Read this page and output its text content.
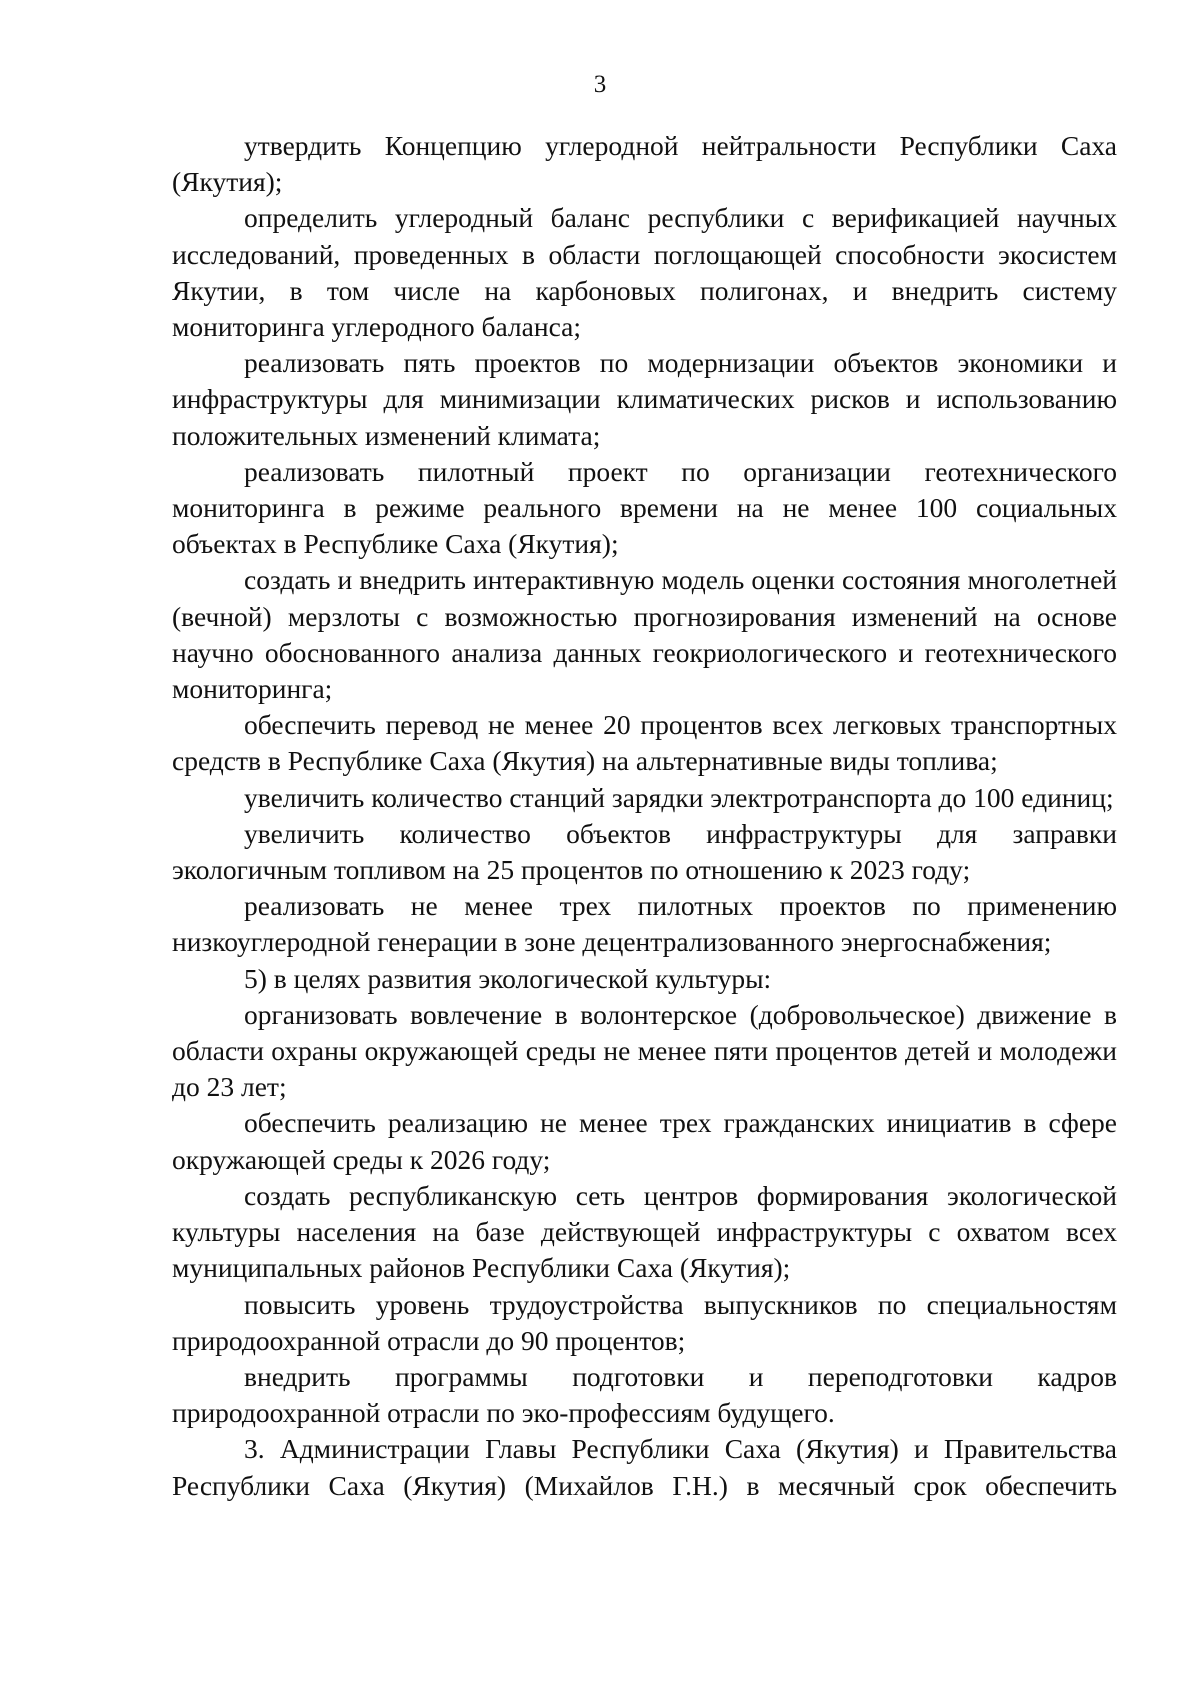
3

утвердить Концепцию углеродной нейтральности Республики Саха (Якутия);

определить углеродный баланс республики с верификацией научных исследований, проведенных в области поглощающей способности экосистем Якутии, в том числе на карбоновых полигонах, и внедрить систему мониторинга углеродного баланса;

реализовать пять проектов по модернизации объектов экономики и инфраструктуры для минимизации климатических рисков и использованию положительных изменений климата;

реализовать пилотный проект по организации геотехнического мониторинга в режиме реального времени на не менее 100 социальных объектах в Республике Саха (Якутия);

создать и внедрить интерактивную модель оценки состояния многолетней (вечной) мерзлоты с возможностью прогнозирования изменений на основе научно обоснованного анализа данных геокриологического и геотехнического мониторинга;

обеспечить перевод не менее 20 процентов всех легковых транспортных средств в Республике Саха (Якутия) на альтернативные виды топлива;

увеличить количество станций зарядки электротранспорта до 100 единиц;

увеличить количество объектов инфраструктуры для заправки экологичным топливом на 25 процентов по отношению к 2023 году;

реализовать не менее трех пилотных проектов по применению низкоуглеродной генерации в зоне децентрализованного энергоснабжения;

5) в целях развития экологической культуры:

организовать вовлечение в волонтерское (добровольческое) движение в области охраны окружающей среды не менее пяти процентов детей и молодежи до 23 лет;

обеспечить реализацию не менее трех гражданских инициатив в сфере окружающей среды к 2026 году;

создать республиканскую сеть центров формирования экологической культуры населения на базе действующей инфраструктуры с охватом всех муниципальных районов Республики Саха (Якутия);

повысить уровень трудоустройства выпускников по специальностям природоохранной отрасли до 90 процентов;

внедрить программы подготовки и переподготовки кадров природоохранной отрасли по эко-профессиям будущего.

3. Администрации Главы Республики Саха (Якутия) и Правительства Республики Саха (Якутия) (Михайлов Г.Н.) в месячный срок обеспечить
